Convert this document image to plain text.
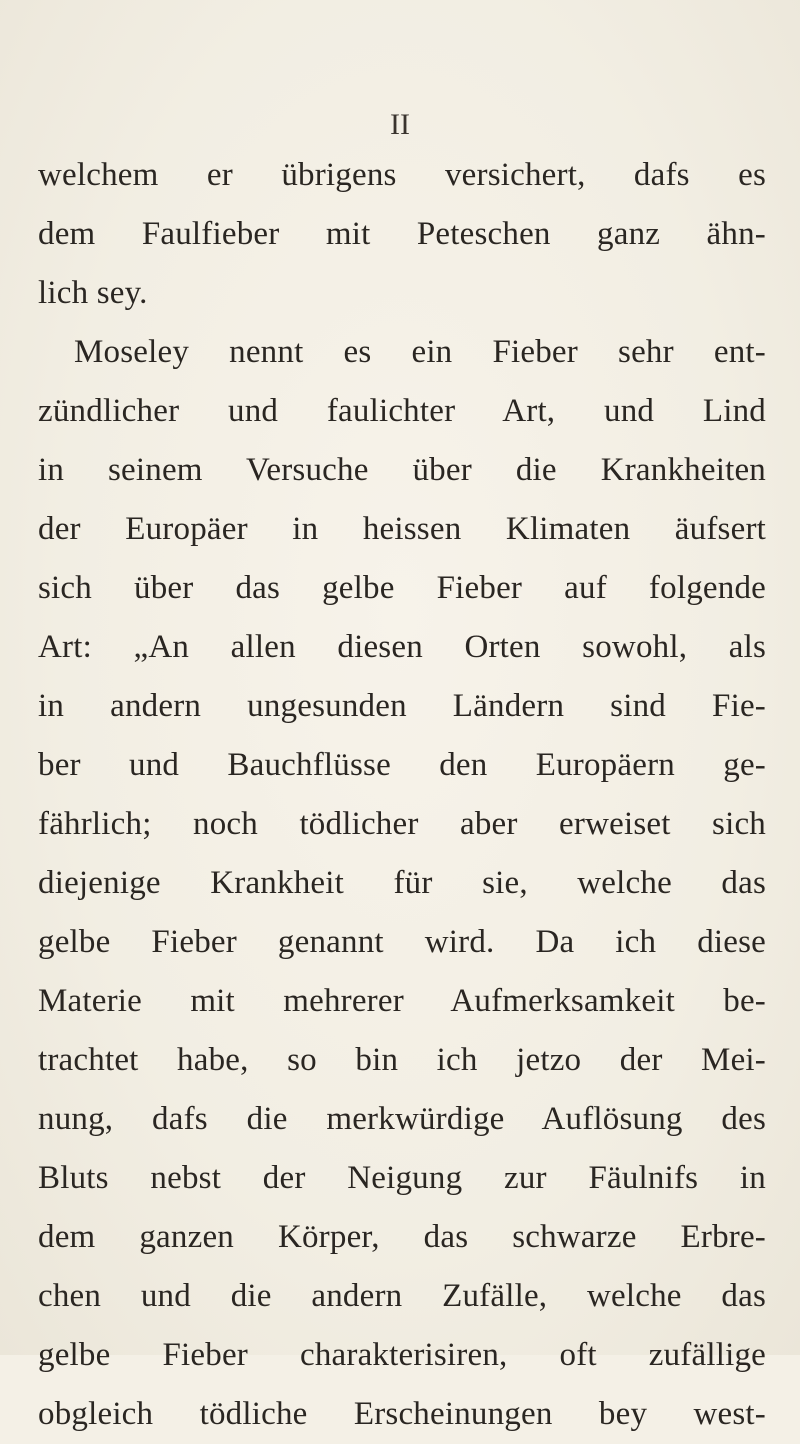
II
welchem er übrigens versichert, dafs es
dem Faulfieber mit Peteschen ganz ähn-
lich sey.
Moseley nennt es ein Fieber sehr ent-
zündlicher und faulichter Art, und Lind
in seinem Versuche über die Krankheiten
der Europäer in heissen Klimaten äufsert
sich über das gelbe Fieber auf folgende
Art: „An allen diesen Orten sowohl, als
in andern ungesunden Ländern sind Fie-
ber und Bauchflüsse den Europäern ge-
fährlich; noch tödlicher aber erweiset sich
diejenige Krankheit für sie, welche das
gelbe Fieber genannt wird. Da ich diese
Materie mit mehrerer Aufmerksamkeit be-
trachtet habe, so bin ich jetzo der Mei-
nung, dafs die merkwürdige Auflösung des
Bluts nebst der Neigung zur Fäulnifs in
dem ganzen Körper, das schwarze Erbre-
chen und die andern Zufälle, welche das
gelbe Fieber charakterisiren, oft zufällige
obgleich tödliche Erscheinungen bey west-
